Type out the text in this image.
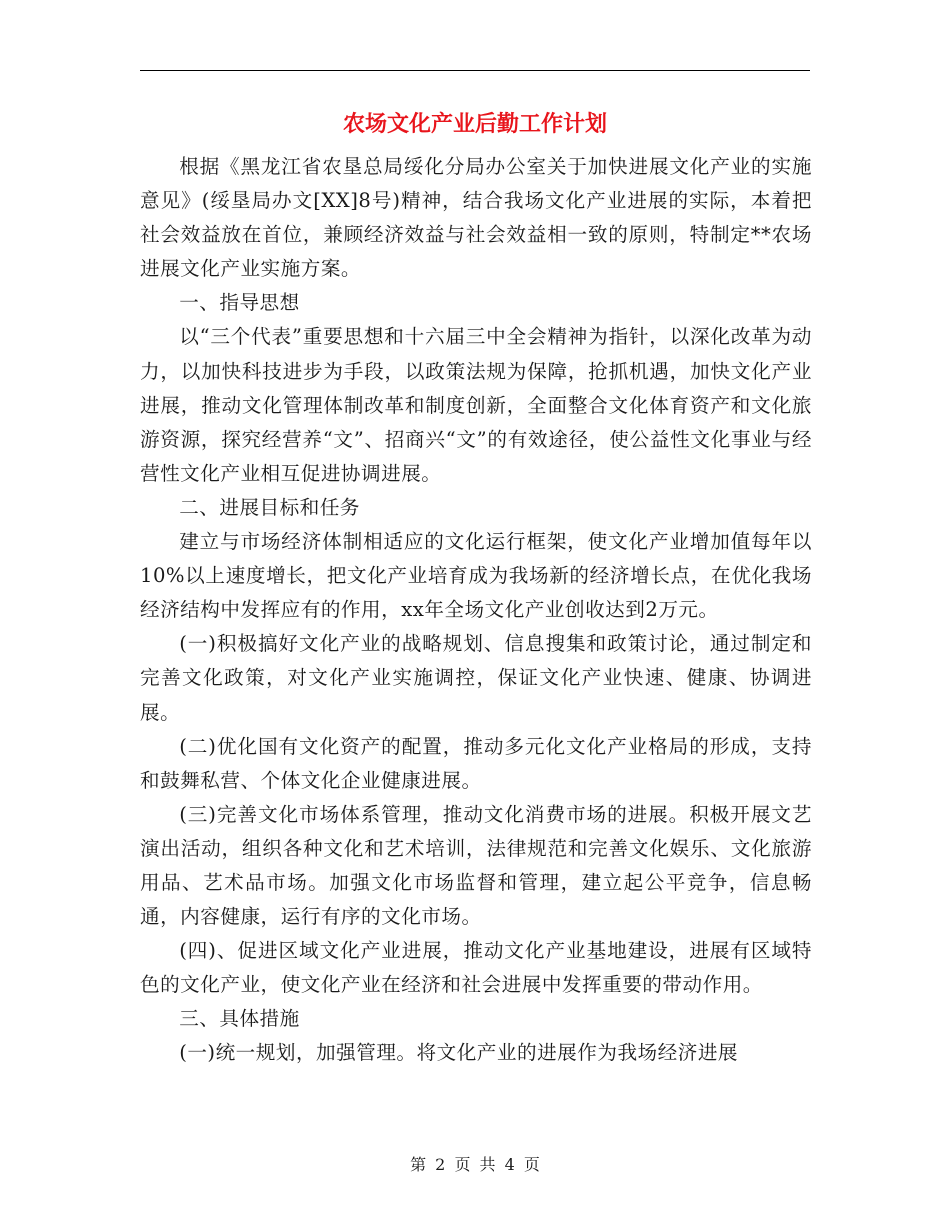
农场文化产业后勤工作计划

根据《黑龙江省农垦总局绥化分局办公室关于加快进展文化产业的实施意见》(绥垦局办文[XX]8号)精神，结合我场文化产业进展的实际，本着把社会效益放在首位，兼顾经济效益与社会效益相一致的原则，特制定**农场进展文化产业实施方案。

一、指导思想

以“三个代表”重要思想和十六届三中全会精神为指针，以深化改革为动力，以加快科技进步为手段，以政策法规为保障，抢抓机遇，加快文化产业进展，推动文化管理体制改革和制度创新，全面整合文化体育资产和文化旅游资源，探究经营养“文”、招商兴“文”的有效途径，使公益性文化事业与经营性文化产业相互促进协调进展。

二、进展目标和任务

建立与市场经济体制相适应的文化运行框架，使文化产业增加值每年以10%以上速度增长，把文化产业培育成为我场新的经济增长点，在优化我场经济结构中发挥应有的作用，xx年全场文化产业创收达到2万元。

(一)积极搞好文化产业的战略规划、信息搜集和政策讨论，通过制定和完善文化政策，对文化产业实施调控，保证文化产业快速、健康、协调进展。

(二)优化国有文化资产的配置，推动多元化文化产业格局的形成，支持和鼓舞私营、个体文化企业健康进展。

(三)完善文化市场体系管理，推动文化消费市场的进展。积极开展文艺演出活动，组织各种文化和艺术培训，法律规范和完善文化娱乐、文化旅游用品、艺术品市场。加强文化市场监督和管理，建立起公平竞争，信息畅通，内容健康，运行有序的文化市场。

(四)、促进区域文化产业进展，推动文化产业基地建设，进展有区域特色的文化产业，使文化产业在经济和社会进展中发挥重要的带动作用。

三、具体措施

(一)统一规划，加强管理。将文化产业的进展作为我场经济进展

第 2 页 共 4 页
